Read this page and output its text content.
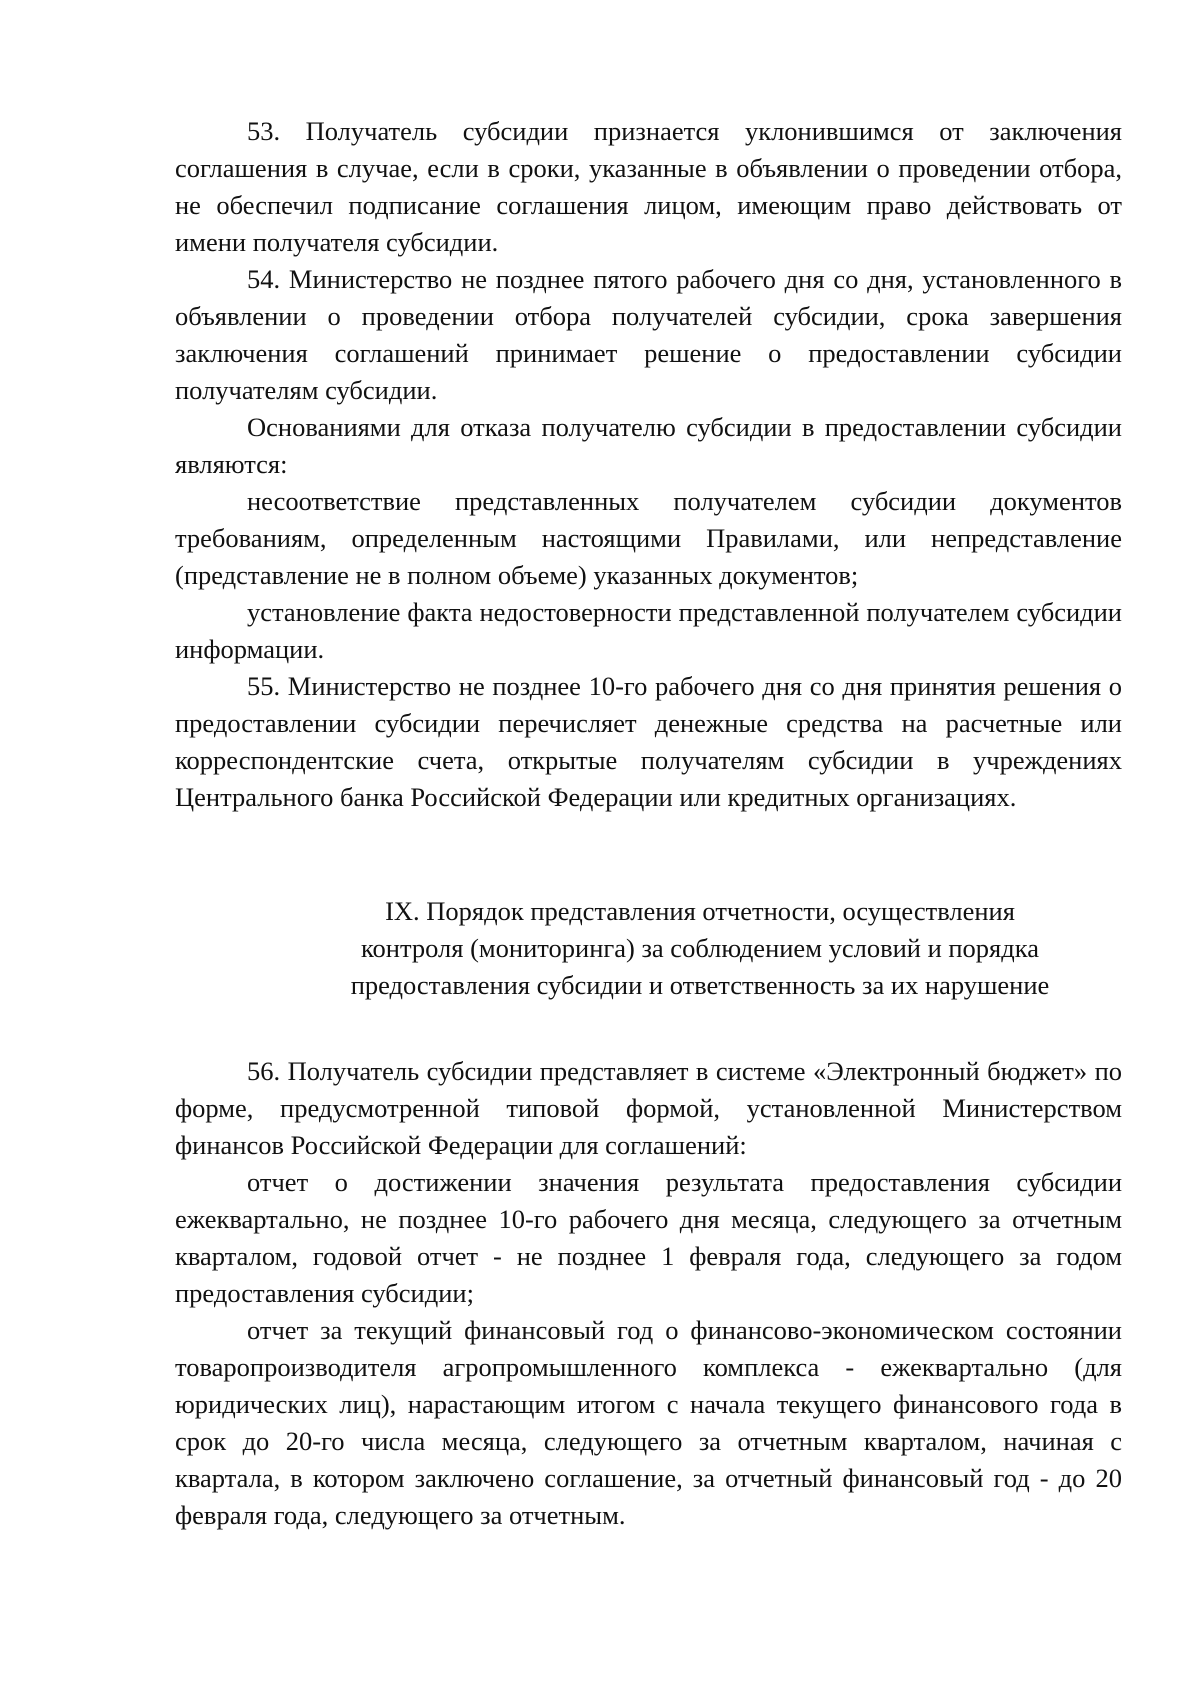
53. Получатель субсидии признается уклонившимся от заключения соглашения в случае, если в сроки, указанные в объявлении о проведении отбора, не обеспечил подписание соглашения лицом, имеющим право действовать от имени получателя субсидии.

54. Министерство не позднее пятого рабочего дня со дня, установленного в объявлении о проведении отбора получателей субсидии, срока завершения заключения соглашений принимает решение о предоставлении субсидии получателям субсидии.

Основаниями для отказа получателю субсидии в предоставлении субсидии являются:

несоответствие представленных получателем субсидии документов требованиям, определенным настоящими Правилами, или непредставление (представление не в полном объеме) указанных документов;

установление факта недостоверности представленной получателем субсидии информации.

55. Министерство не позднее 10-го рабочего дня со дня принятия решения о предоставлении субсидии перечисляет денежные средства на расчетные или корреспондентские счета, открытые получателям субсидии в учреждениях Центрального банка Российской Федерации или кредитных организациях.

IX. Порядок представления отчетности, осуществления
контроля (мониторинга) за соблюдением условий и порядка
предоставления субсидии и ответственность за их нарушение

56. Получатель субсидии представляет в системе «Электронный бюджет» по форме, предусмотренной типовой формой, установленной Министерством финансов Российской Федерации для соглашений:

отчет о достижении значения результата предоставления субсидии ежеквартально, не позднее 10-го рабочего дня месяца, следующего за отчетным кварталом, годовой отчет - не позднее 1 февраля года, следующего за годом предоставления субсидии;

отчет за текущий финансовый год о финансово-экономическом состоянии товаропроизводителя агропромышленного комплекса - ежеквартально (для юридических лиц), нарастающим итогом с начала текущего финансового года в срок до 20-го числа месяца, следующего за отчетным кварталом, начиная с квартала, в котором заключено соглашение, за отчетный финансовый год - до 20 февраля года, следующего за отчетным.
